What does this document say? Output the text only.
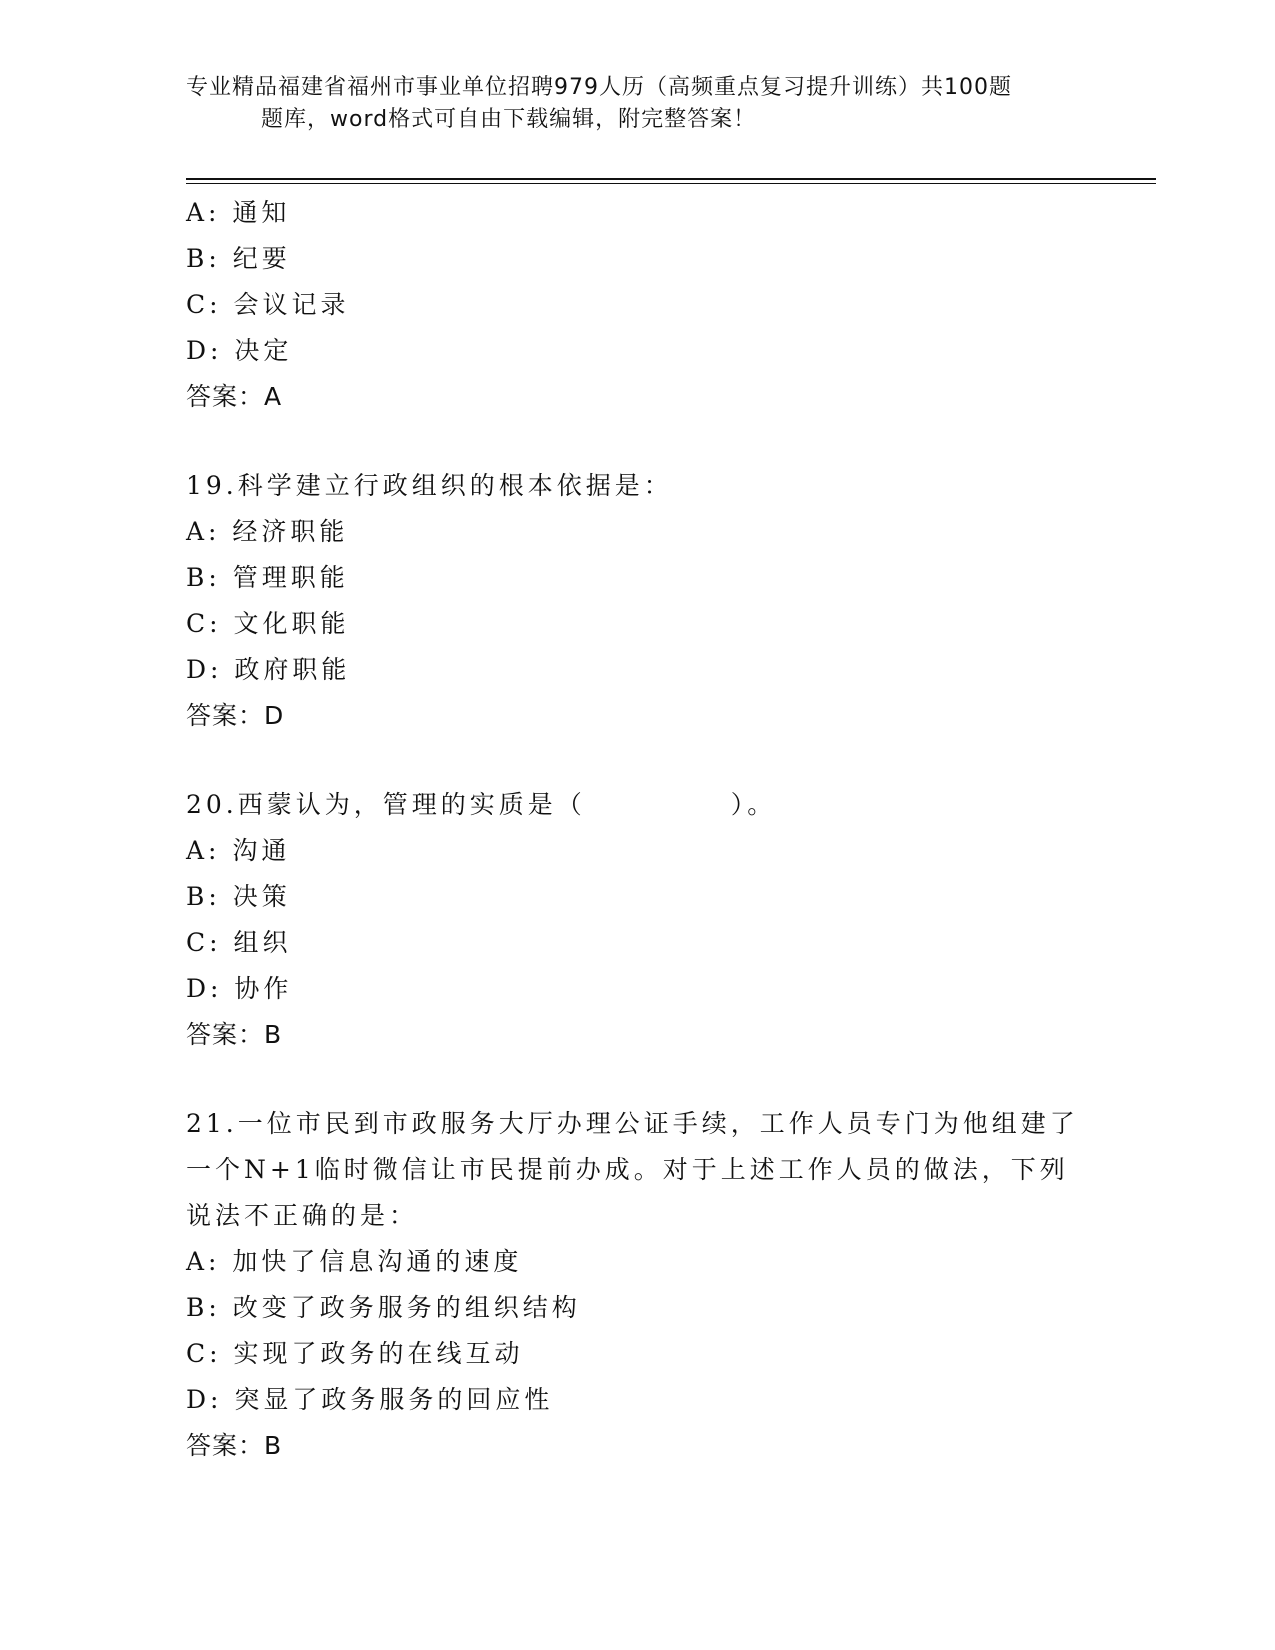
专业精品福建省福州市事业单位招聘979人历（高频重点复习提升训练）共100题
题库，word格式可自由下载编辑，附完整答案！
A: 通知
B: 纪要
C: 会议记录
D: 决定
答案：A
19.科学建立行政组织的根本依据是：
A: 经济职能
B: 管理职能
C: 文化职能
D: 政府职能
答案：D
20.西蒙认为，管理的实质是（　　　　　）。
A: 沟通
B: 决策
C: 组织
D: 协作
答案：B
21.一位市民到市政服务大厅办理公证手续，工作人员专门为他组建了
一个N+1临时微信让市民提前办成。对于上述工作人员的做法，下列
说法不正确的是：
A: 加快了信息沟通的速度
B: 改变了政务服务的组织结构
C: 实现了政务的在线互动
D: 突显了政务服务的回应性
答案：B
